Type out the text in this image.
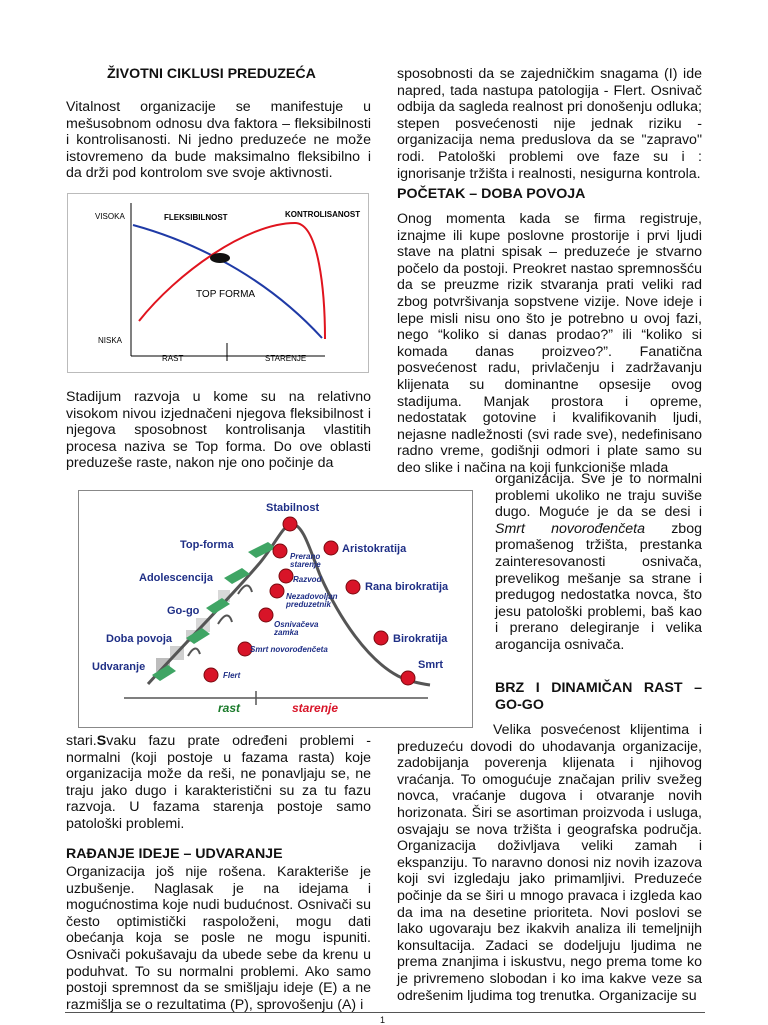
ŽIVOTNI CIKLUSI PREDUZEĆA

Vitalnost organizacije se manifestuje u mešusobnom odnosu dva faktora – fleksibilnosti i kontrolisanosti. Ni jedno preduzeće ne može istovremeno da bude maksimalno fleksibilno i da drži pod kontrolom sve svoje aktivnosti.

VISOKA
NISKA
FLEKSIBILNOST	KONTROLISANOST
TOP FORMA
RAST	STARENJE

Stadijum razvoja u kome su na relativno visokom nivou izjednačeni njegova fleksibilnost i njegova sposobnost kontrolisanja vlastitih procesa naziva se Top forma. Do ove oblasti preduzeše raste, nakon nje ono počinje da

Udvaranje
Doba povoja
Go-go
Adolescencija
Top-forma
Stabilnost
Aristokratija
Rana birokratija
Birokratija
Smrt
Flert
Smrt novorođenčeta
Osnivačeva
zamka
Nezadovoljan
preduzetnik
Razvod
Prerano
starenje
rast	starenje

stari.Svaku fazu prate određeni problemi - normalni (koji postoje u fazama rasta) koje organizacija može da reši, ne ponavljaju se, ne traju jako dugo i karakteristični su za tu fazu razvoja. U fazama starenja postoje samo patološki problemi.

RAĐANJE IDEJE – UDVARANJE

Organizacija još nije rošena. Karakteriše je uzbušenje. Naglasak je na idejama i mogućnostima koje nudi budućnost. Osnivači su često optimistički raspoloženi, mogu dati obećanja koja se posle ne mogu ispuniti. Osnivači pokušavaju da ubede sebe da krenu u poduhvat. To su normalni problemi. Ako samo postoji spremnost da se smišljaju ideje (E) a ne razmišlja se o rezultatima (P), sprovošenju (A) i

sposobnosti da se zajedničkim snagama (I) ide napred, tada nastupa patologija - Flert. Osnivač odbija da sagleda realnost pri donošenju odluka; stepen posvećenosti nije jednak riziku - organizacija nema preduslova da se "zapravo" rodi. Patološki problemi ove faze su i : ignorisanje tržišta i realnosti, nesigurna kontrola.

POČETAK – DOBA POVOJA

Onog momenta kada se firma registruje, iznajme ili kupe poslovne prostorije i prvi ljudi stave na platni spisak – preduzeće je stvarno počelo da postoji. Preokret nastao spremnosšću da se preuzme rizik stvaranja prati veliki rad zbog potvršivanja sopstvene vizije. Nove ideje i lepe misli nisu ono što je potrebno u ovoj fazi, nego “koliko si danas prodao?” ili “koliko si komada danas proizveo?”. Fanatična posvećenost radu, privlačenju i zadržavanju klijenata su dominantne opsesije ovog stadijuma. Manjak prostora i opreme, nedostatak gotovine i kvalifikovanih ljudi, nejasne nadležnosti (svi rade sve), nedefinisano radno vreme, godišnji odmori i plate samo su deo slike i načina na koji funkcioniše mlada

organizacija. Sve je to normalni problemi ukoliko ne traju suviše dugo. Moguće je da se desi i Smrt novorođenčeta zbog promašenog tržišta, prestanka zainteresovanosti osnivača, prevelikog mešanje sa strane i predugog nedostatka novca, što jesu patološki problemi, baš kao i prerano delegiranje i velika arogancija osnivača.

BRZ I DINAMIČAN RAST – GO-GO

Velika posvećenost klijentima i preduzeću dovodi do uhodavanja organizacije, zadobijanja poverenja klijenata i njihovog vraćanja. To omogućuje značajan priliv svežeg novca, vraćanje dugova i otvaranje novih horizonata. Širi se asortiman proizvoda i usluga, osvajaju se nova tržišta i geografska područja. Organizacija doživljava veliki zamah i ekspanziju. To naravno donosi niz novih izazova koji svi izgledaju jako primamljivi. Preduzeće počinje da se širi u mnogo pravaca i izgleda kao da ima na desetine prioriteta. Novi poslovi se lako ugovaraju bez ikakvih analiza ili temeljnijh konsultacija. Zadaci se dodeljuju ljudima ne prema znanjima i iskustvu, nego prema tome ko je privremeno slobodan i ko ima kakve veze sa odrešenim ljudima tog trenutka. Organizacije su

1
